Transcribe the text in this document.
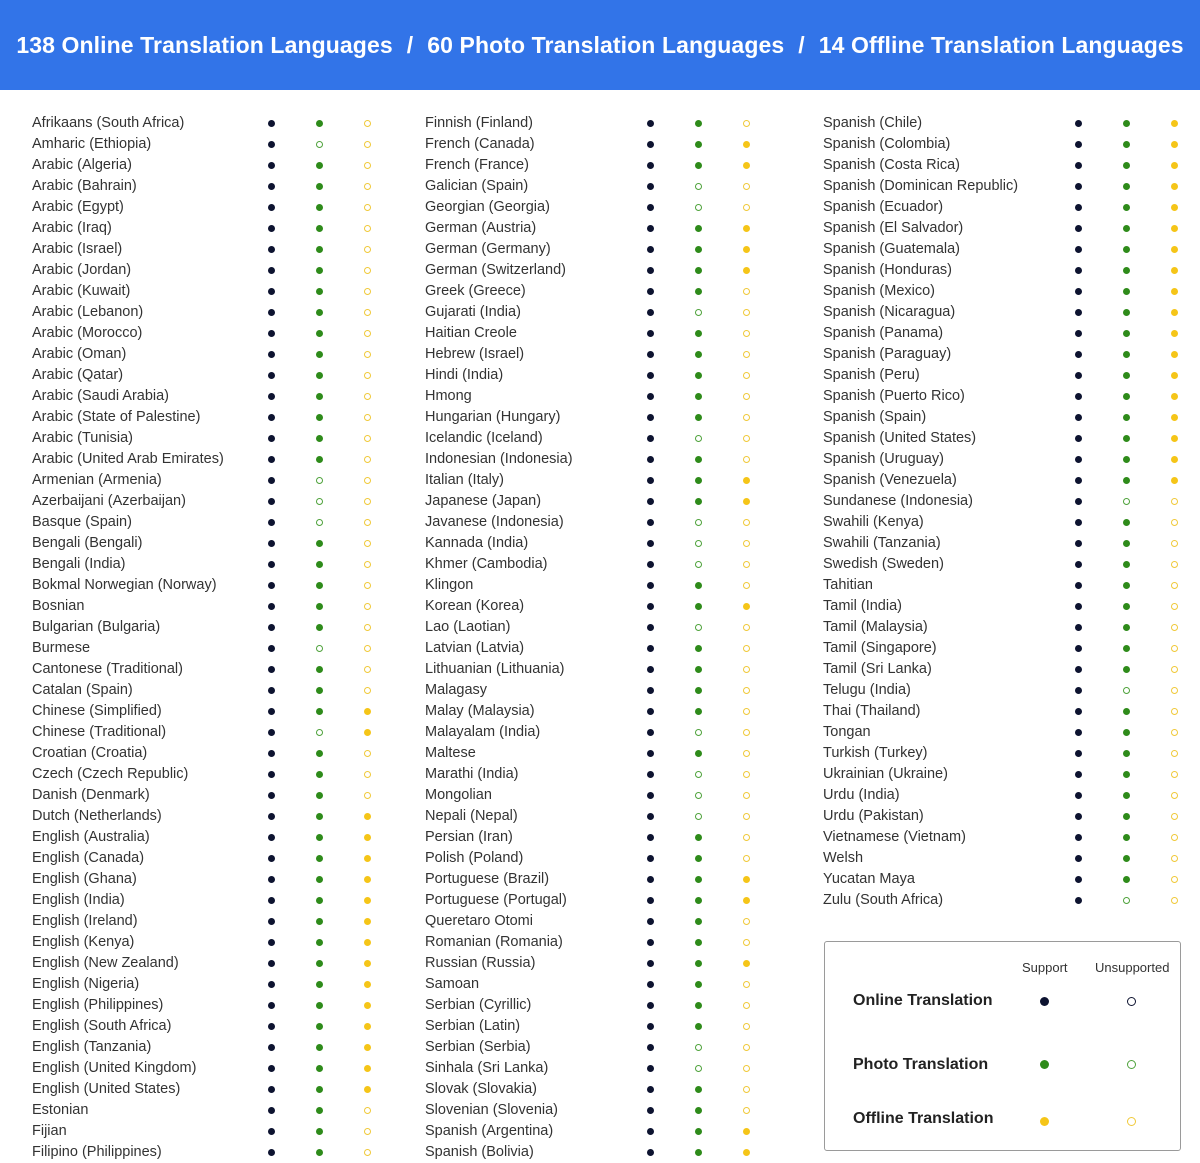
138 Online Translation Languages / 60 Photo Translation Languages / 14 Offline Translation Languages
Afrikaans (South Africa)
Amharic (Ethiopia)
Arabic (Algeria)
Arabic (Bahrain)
Arabic (Egypt)
Arabic (Iraq)
Arabic (Israel)
Arabic (Jordan)
Arabic (Kuwait)
Arabic (Lebanon)
Arabic (Morocco)
Arabic (Oman)
Arabic (Qatar)
Arabic (Saudi Arabia)
Arabic (State of Palestine)
Arabic (Tunisia)
Arabic (United Arab Emirates)
Armenian (Armenia)
Azerbaijani (Azerbaijan)
Basque (Spain)
Bengali (Bengali)
Bengali (India)
Bokmal Norwegian (Norway)
Bosnian
Bulgarian (Bulgaria)
Burmese
Cantonese (Traditional)
Catalan (Spain)
Chinese (Simplified)
Chinese (Traditional)
Croatian (Croatia)
Czech (Czech Republic)
Danish (Denmark)
Dutch (Netherlands)
English (Australia)
English (Canada)
English (Ghana)
English (India)
English (Ireland)
English (Kenya)
English (New Zealand)
English (Nigeria)
English (Philippines)
English (South Africa)
English (Tanzania)
English (United Kingdom)
English (United States)
Estonian
Fijian
Filipino (Philippines)
Finnish (Finland)
French (Canada)
French (France)
Galician (Spain)
Georgian (Georgia)
German (Austria)
German (Germany)
German (Switzerland)
Greek (Greece)
Gujarati (India)
Haitian Creole
Hebrew (Israel)
Hindi (India)
Hmong
Hungarian (Hungary)
Icelandic (Iceland)
Indonesian (Indonesia)
Italian (Italy)
Japanese (Japan)
Javanese (Indonesia)
Kannada (India)
Khmer (Cambodia)
Klingon
Korean (Korea)
Lao (Laotian)
Latvian (Latvia)
Lithuanian (Lithuania)
Malagasy
Malay (Malaysia)
Malayalam (India)
Maltese
Marathi (India)
Mongolian
Nepali (Nepal)
Persian (Iran)
Polish (Poland)
Portuguese (Brazil)
Portuguese (Portugal)
Queretaro Otomi
Romanian (Romania)
Russian (Russia)
Samoan
Serbian (Cyrillic)
Serbian (Latin)
Serbian (Serbia)
Sinhala (Sri Lanka)
Slovak (Slovakia)
Slovenian (Slovenia)
Spanish (Argentina)
Spanish (Bolivia)
Spanish (Chile)
Spanish (Colombia)
Spanish (Costa Rica)
Spanish (Dominican Republic)
Spanish (Ecuador)
Spanish (El Salvador)
Spanish (Guatemala)
Spanish (Honduras)
Spanish (Mexico)
Spanish (Nicaragua)
Spanish (Panama)
Spanish (Paraguay)
Spanish (Peru)
Spanish (Puerto Rico)
Spanish (Spain)
Spanish (United States)
Spanish (Uruguay)
Spanish (Venezuela)
Sundanese (Indonesia)
Swahili (Kenya)
Swahili (Tanzania)
Swedish (Sweden)
Tahitian
Tamil (India)
Tamil (Malaysia)
Tamil (Singapore)
Tamil (Sri Lanka)
Telugu (India)
Thai (Thailand)
Tongan
Turkish (Turkey)
Ukrainian (Ukraine)
Urdu (India)
Urdu (Pakistan)
Vietnamese (Vietnam)
Welsh
Yucatan Maya
Zulu (South Africa)
Support Unsupported
Online Translation
Photo Translation
Offline Translation
